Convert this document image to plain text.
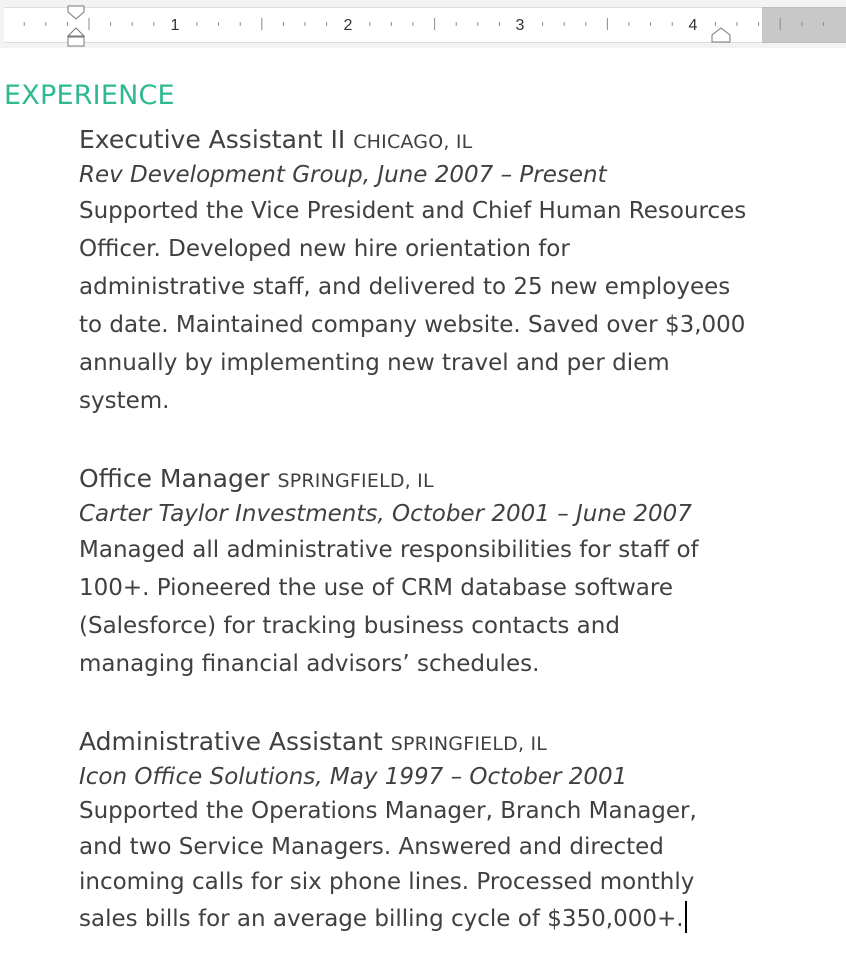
1	2	3	4
EXPERIENCE
Executive Assistant II CHICAGO, IL
Rev Development Group, June 2007 – Present
Supported the Vice President and Chief Human Resources
Officer. Developed new hire orientation for
administrative staff, and delivered to 25 new employees
to date. Maintained company website. Saved over $3,000
annually by implementing new travel and per diem
system.
Office Manager SPRINGFIELD, IL
Carter Taylor Investments, October 2001 – June 2007
Managed all administrative responsibilities for staff of
100+. Pioneered the use of CRM database software
(Salesforce) for tracking business contacts and
managing financial advisors’ schedules.
Administrative Assistant SPRINGFIELD, IL
Icon Office Solutions, May 1997 – October 2001
Supported the Operations Manager, Branch Manager,
and two Service Managers. Answered and directed
incoming calls for six phone lines. Processed monthly
sales bills for an average billing cycle of $350,000+.
